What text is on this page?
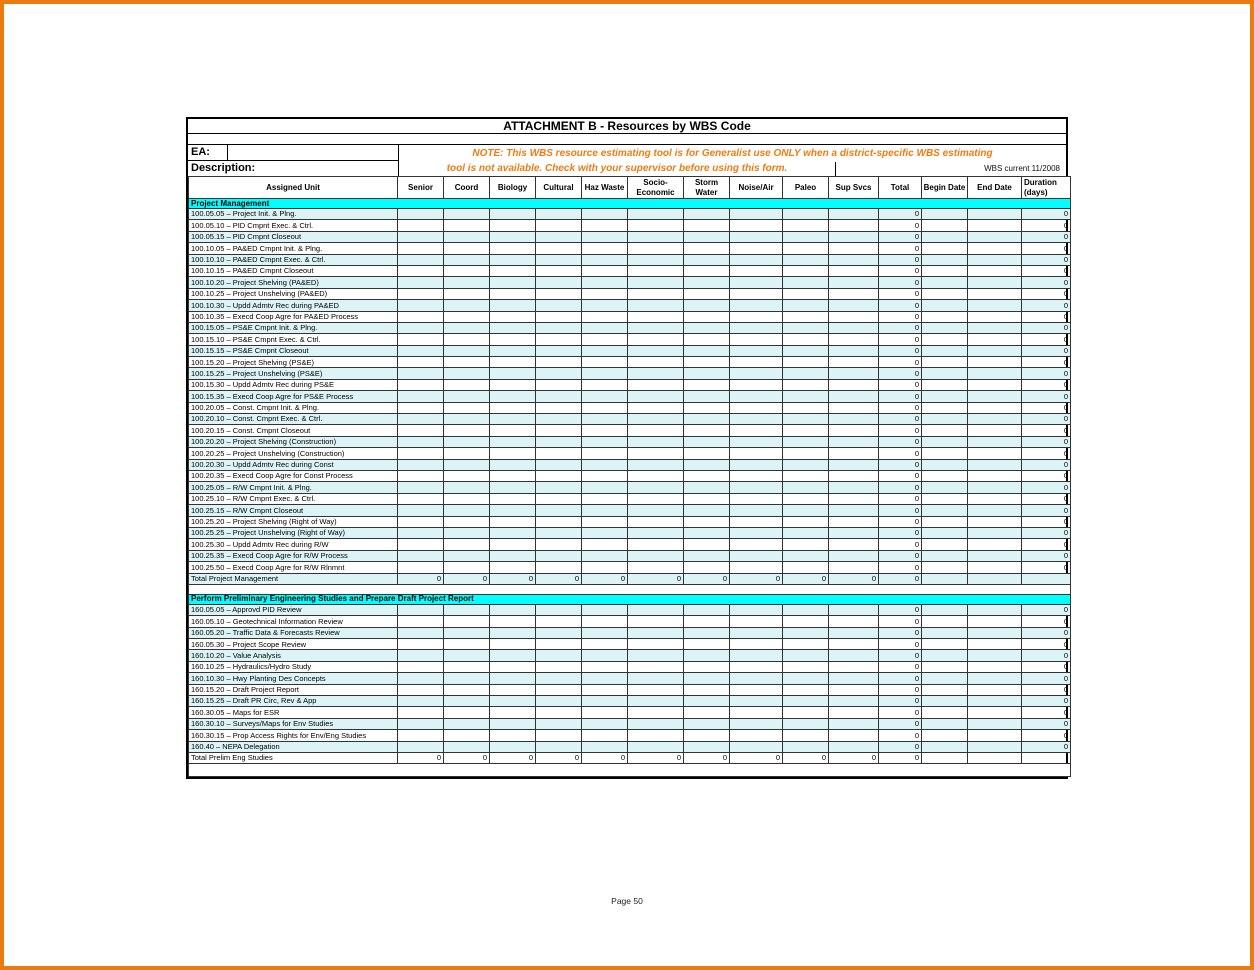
ATTACHMENT B - Resources by WBS Code
EA:
Description:
NOTE: This WBS resource estimating tool is for Generalist use ONLY when a district-specific WBS estimating
tool is not available. Check with your supervisor before using this form.	WBS current 11/2008
Assigned Unit	Senior	Coord	Biology	Cultural	Haz Waste	Socio-Economic	Storm Water	Noise/Air	Paleo	Sup Svcs	Total	Begin Date	End Date	Duration (days)
Project Management														
100.05.05 – Project Init. & Plng.											0			0
100.05.10 – PID Cmpnt Exec. & Ctrl.											0			0
100.05.15 – PID Cmpnt Closeout											0			0
100.10.05 – PA&ED Cmpnt Init. & Plng.											0			0
100.10.10 – PA&ED Cmpnt Exec. & Ctrl.											0			0
100.10.15 – PA&ED Cmpnt Closeout											0			0
100.10.20 – Project Shelving (PA&ED)											0			0
100.10.25 – Project Unshelving (PA&ED)											0			0
100.10.30 – Updd Admtv Rec during PA&ED											0			0
100.10.35 – Execd Coop Agre for PA&ED Process											0			0
100.15.05 – PS&E Cmpnt Init. & Plng.											0			0
100.15.10 – PS&E Cmpnt Exec. & Ctrl.											0			0
100.15.15 – PS&E Cmpnt Closeout											0			0
100.15.20 – Project Shelving (PS&E)											0			0
100.15.25 – Project Unshelving (PS&E)											0			0
100.15.30 – Updd Admtv Rec during PS&E											0			0
100.15.35 – Execd Coop Agre for PS&E Process											0			0
100.20.05 – Const. Cmpnt Init. & Plng.											0			0
100.20.10 – Const. Cmpnt Exec. & Ctrl.											0			0
100.20.15 – Const. Cmpnt Closeout											0			0
100.20.20 – Project Shelving (Construction)											0			0
100.20.25 – Project Unshelving (Construction)											0			0
100.20.30 – Updd Admtv Rec during Const											0			0
100.20.35 – Execd Coop Agre for Const Process											0			0
100.25.05 – R/W Cmpnt Init. & Plng.											0			0
100.25.10 – R/W Cmpnt Exec. & Ctrl.											0			0
100.25.15 – R/W Cmpnt Closeout											0			0
100.25.20 – Project Shelving (Right of Way)											0			0
100.25.25 – Project Unshelving (Right of Way)											0			0
100.25.30 – Updd Admtv Rec during R/W											0			0
100.25.35 – Execd Coop Agre for R/W Process											0			0
100.25.50 – Execd Coop Agre for R/W Rlnmnt											0			0
Total Project Management	0	0	0	0	0	0	0	0	0	0	0			

Perform Preliminary Engineering Studies and Prepare Draft Project Report														
160.05.05 – Approvd PID Review											0			0
160.05.10 – Geotechnical Information Review											0			0
160.05.20 – Traffic Data & Forecasts Review											0			0
160.05.30 – Project Scope Review											0			0
160.10.20 – Value Analysis											0			0
160.10.25 – Hydraulics/Hydro Study											0			0
160.10.30 – Hwy Planting Des Concepts											0			0
160.15.20 – Draft Project Report											0			0
160.15.25 – Draft PR Circ, Rev & App											0			0
160.30.05 – Maps for ESR											0			0
160.30.10 – Surveys/Maps for Env Studies											0			0
160.30.15 – Prop Access Rights for Env/Eng Studies											0			0
160.40 – NEPA Delegation											0			0
Total Prelim Eng Studies	0	0	0	0	0	0	0	0	0	0	0			

Page 50
